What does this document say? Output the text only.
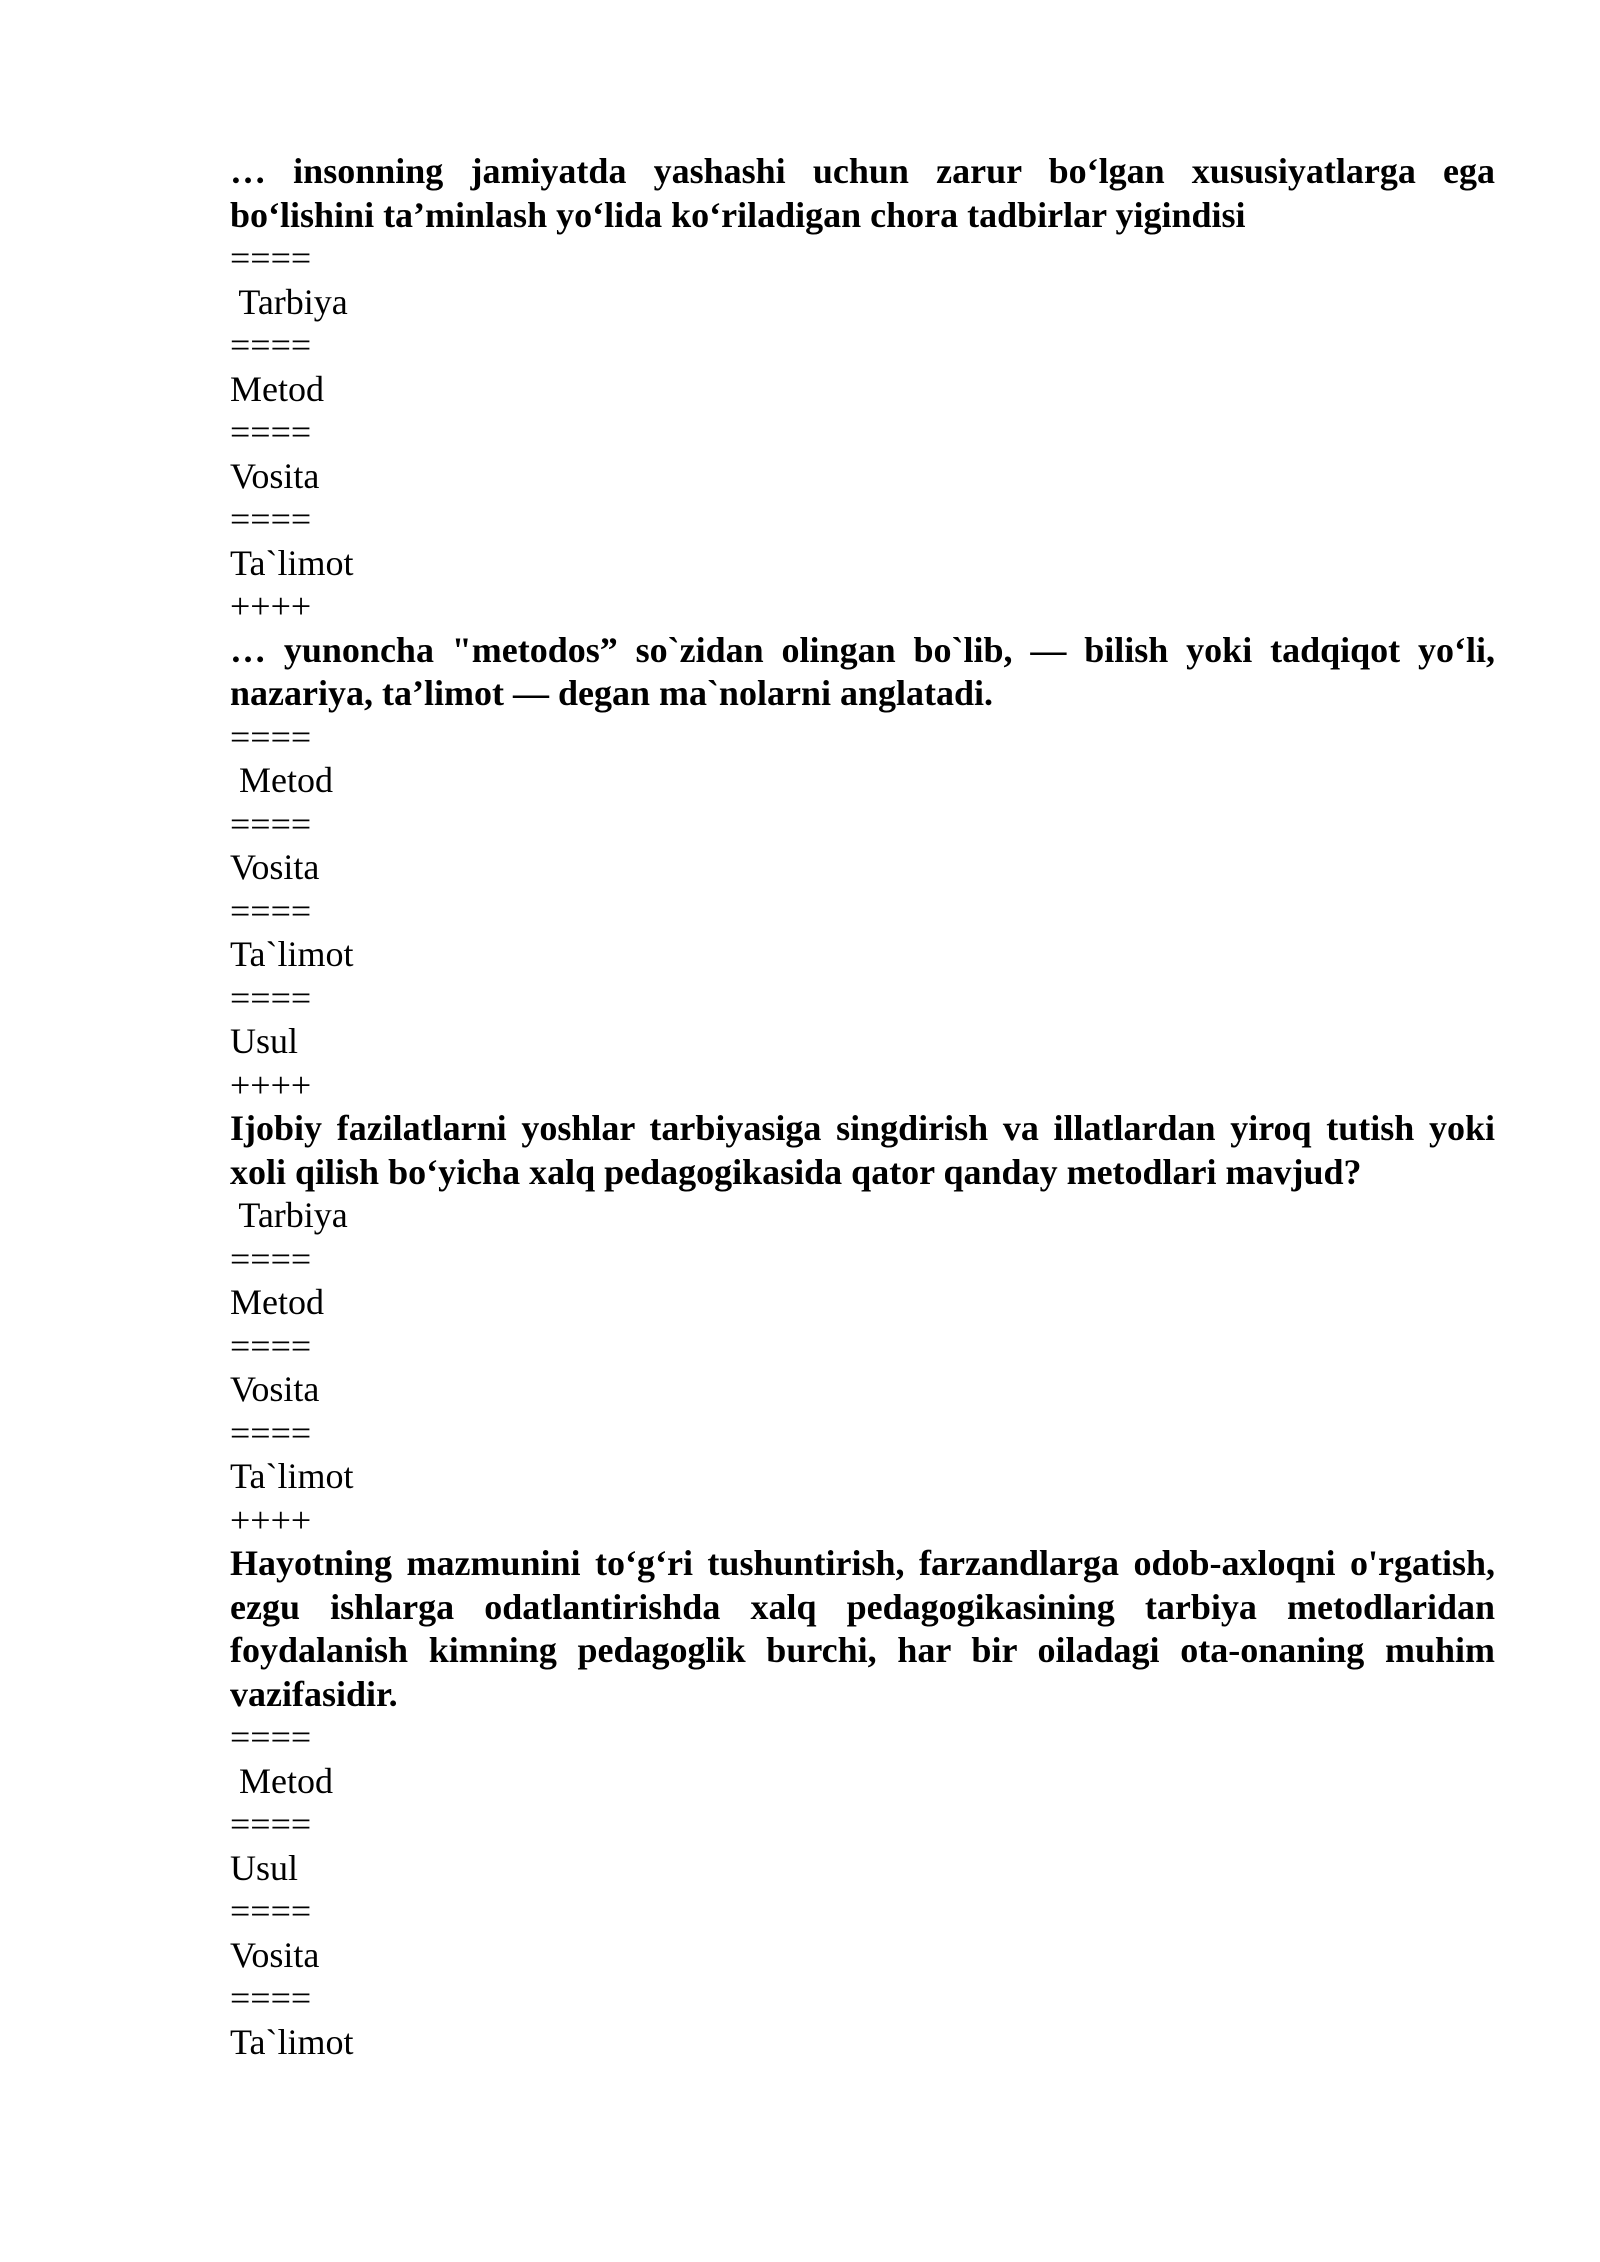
… insonning jamiyatda yashashi uchun zarur bo‘lgan xususiyatlarga ega bo‘lishini ta’minlash yo‘lida ko‘riladigan chora tadbirlar yigindisi
====
Tarbiya
====
Metod
====
Vosita
====
Ta`limot
++++
… yunoncha "metodos” so`zidan olingan bo`lib, — bilish yoki tadqiqot yo‘li, nazariya, ta’limot — degan ma`nolarni anglatadi.
====
Metod
====
Vosita
====
Ta`limot
====
Usul
++++
Ijobiy fazilatlarni yoshlar tarbiyasiga singdirish va illatlardan yiroq tutish yoki xoli qilish bo‘yicha xalq pedagogikasida qator qanday metodlari mavjud?
Tarbiya
====
Metod
====
Vosita
====
Ta`limot
++++
Hayotning mazmunini to‘g‘ri tushuntirish, farzandlarga odob-axloqni o'rgatish, ezgu ishlarga odatlantirishda xalq pedagogikasining tarbiya metodlaridan foydalanish kimning pedagoglik burchi, har bir oiladagi ota-onaning muhim vazifasidir.
====
Metod
====
Usul
====
Vosita
====
Ta`limot
